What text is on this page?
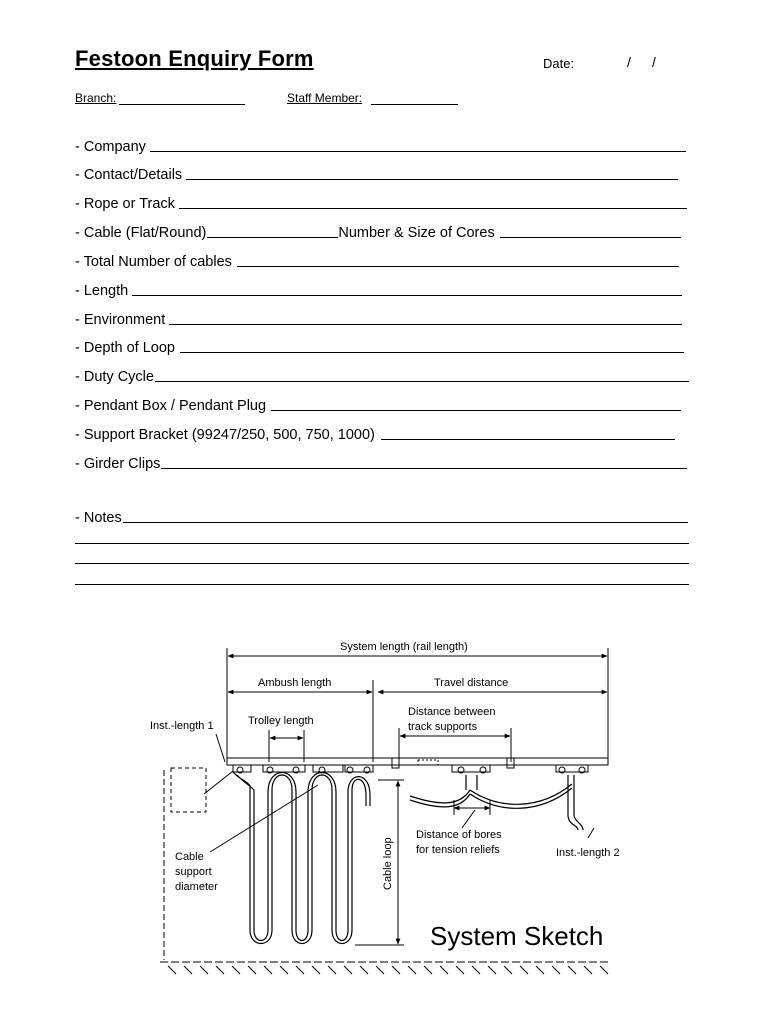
Festoon Enquiry Form	Date:	/ /
Branch:	Staff Member:
- Company
- Contact/Details
- Rope or Track
- Cable (Flat/Round)	Number & Size of Cores
- Total Number of cables
- Length
- Environment
- Depth of Loop
- Duty Cycle
- Pendant Box / Pendant Plug
- Support Bracket (99247/250, 500, 750, 1000)
- Girder Clips
- Notes
System length (rail length)
Ambush length	Travel distance
Inst.-length 1	Trolley length
Distance between
track supports
Cable
support
diameter	Cable loop
Distance of bores
for tension reliefs	Inst.-length 2
System Sketch
